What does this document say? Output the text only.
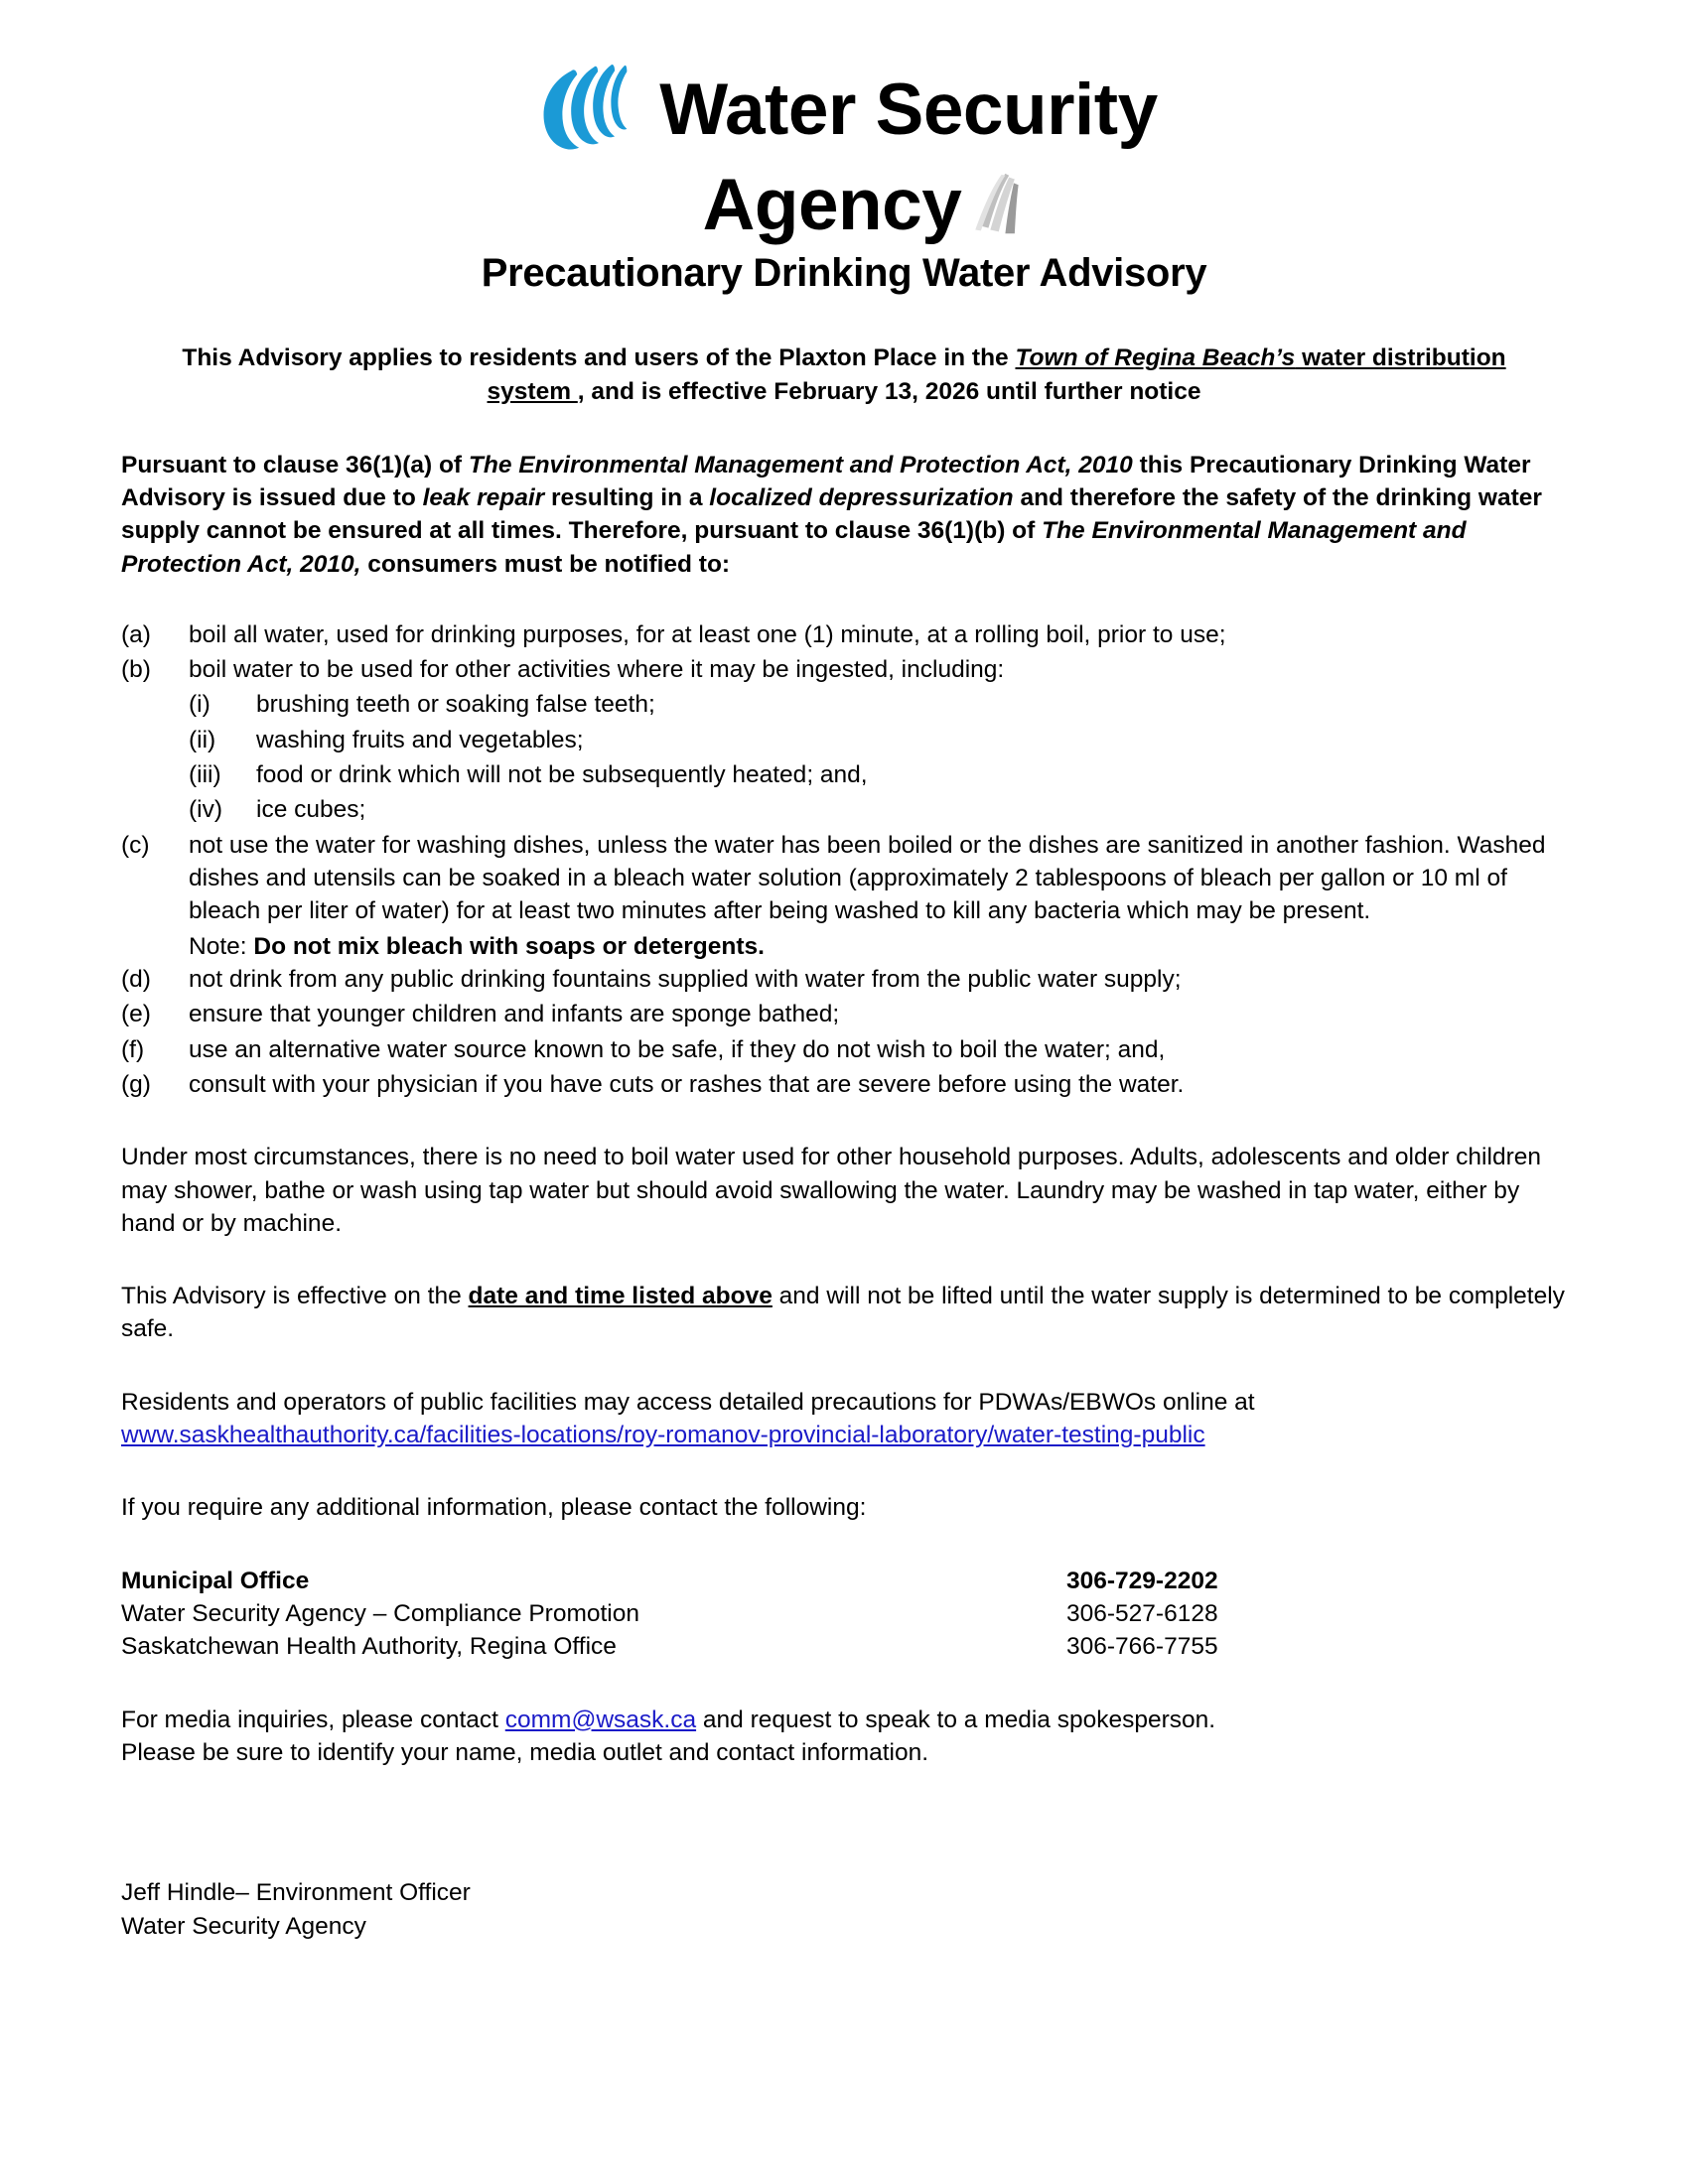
Water Security
Agency
Precautionary Drinking Water Advisory
This Advisory applies to residents and users of the Plaxton Place in the Town of Regina Beach’s water distribution system , and is effective February 13, 2026 until further notice
Pursuant to clause 36(1)(a) of The Environmental Management and Protection Act, 2010 this Precautionary Drinking Water Advisory is issued due to leak repair resulting in a localized depressurization and therefore the safety of the drinking water supply cannot be ensured at all times. Therefore, pursuant to clause 36(1)(b) of The Environmental Management and Protection Act, 2010, consumers must be notified to:
(a)	boil all water, used for drinking purposes, for at least one (1) minute, at a rolling boil, prior to use;
(b)	boil water to be used for other activities where it may be ingested, including:
(i)	brushing teeth or soaking false teeth;
(ii)	washing fruits and vegetables;
(iii)	food or drink which will not be subsequently heated; and,
(iv)	ice cubes;
(c)	not use the water for washing dishes, unless the water has been boiled or the dishes are sanitized in another fashion. Washed dishes and utensils can be soaked in a bleach water solution (approximately 2 tablespoons of bleach per gallon or 10 ml of bleach per liter of water) for at least two minutes after being washed to kill any bacteria which may be present.
Note: Do not mix bleach with soaps or detergents.
(d)	not drink from any public drinking fountains supplied with water from the public water supply;
(e)	ensure that younger children and infants are sponge bathed;
(f)	use an alternative water source known to be safe, if they do not wish to boil the water; and,
(g)	consult with your physician if you have cuts or rashes that are severe before using the water.
Under most circumstances, there is no need to boil water used for other household purposes. Adults, adolescents and older children may shower, bathe or wash using tap water but should avoid swallowing the water. Laundry may be washed in tap water, either by hand or by machine.
This Advisory is effective on the date and time listed above and will not be lifted until the water supply is determined to be completely safe.
Residents and operators of public facilities may access detailed precautions for PDWAs/EBWOs online at
www.saskhealthauthority.ca/facilities-locations/roy-romanov-provincial-laboratory/water-testing-public
If you require any additional information, please contact the following:
Municipal Office	306-729-2202
Water Security Agency – Compliance Promotion	306-527-6128
Saskatchewan Health Authority, Regina Office	306-766-7755
For media inquiries, please contact comm@wsask.ca and request to speak to a media spokesperson.
Please be sure to identify your name, media outlet and contact information.
Jeff Hindle– Environment Officer
Water Security Agency
